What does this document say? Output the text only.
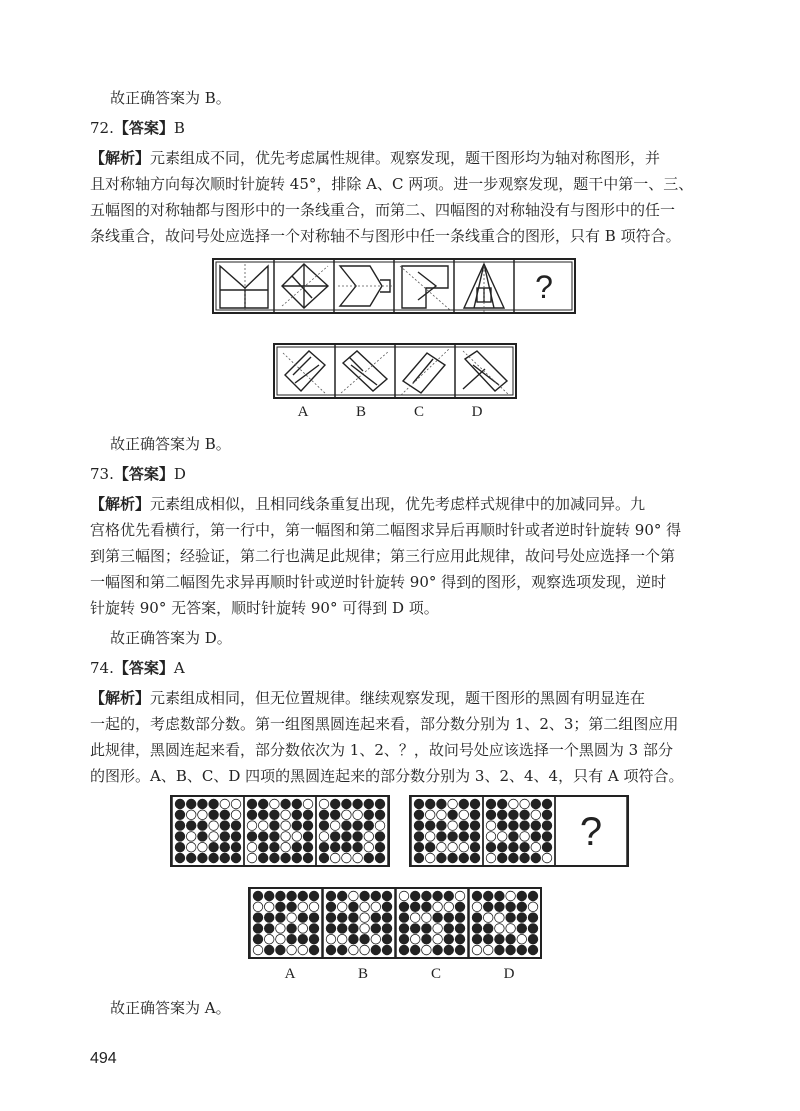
故正确答案为 B。
72.【答案】B
【解析】元素组成不同，优先考虑属性规律。观察发现，题干图形均为轴对称图形，并
且对称轴方向每次顺时针旋转 45°，排除 A、C 两项。进一步观察发现，题干中第一、三、
五幅图的对称轴都与图形中的一条线重合，而第二、四幅图的对称轴没有与图形中的任一
条线重合，故问号处应选择一个对称轴不与图形中任一条线重合的图形，只有 B 项符合。
?
A	B	C	D
故正确答案为 B。
73.【答案】D
【解析】元素组成相似，且相同线条重复出现，优先考虑样式规律中的加减同异。九
宫格优先看横行，第一行中，第一幅图和第二幅图求异后再顺时针或者逆时针旋转 90° 得
到第三幅图；经验证，第二行也满足此规律；第三行应用此规律，故问号处应选择一个第
一幅图和第二幅图先求异再顺时针或逆时针旋转 90° 得到的图形，观察选项发现，逆时
针旋转 90° 无答案，顺时针旋转 90° 可得到 D 项。
故正确答案为 D。
74.【答案】A
【解析】元素组成相同，但无位置规律。继续观察发现，题干图形的黑圆有明显连在
一起的，考虑数部分数。第一组图黑圆连起来看，部分数分别为 1、2、3；第二组图应用
此规律，黑圆连起来看，部分数依次为 1、2、？，故问号处应该选择一个黑圆为 3 部分
的图形。A、B、C、D 四项的黑圆连起来的部分数分别为 3、2、4、4，只有 A 项符合。
?
A	B	C	D
故正确答案为 A。
494
